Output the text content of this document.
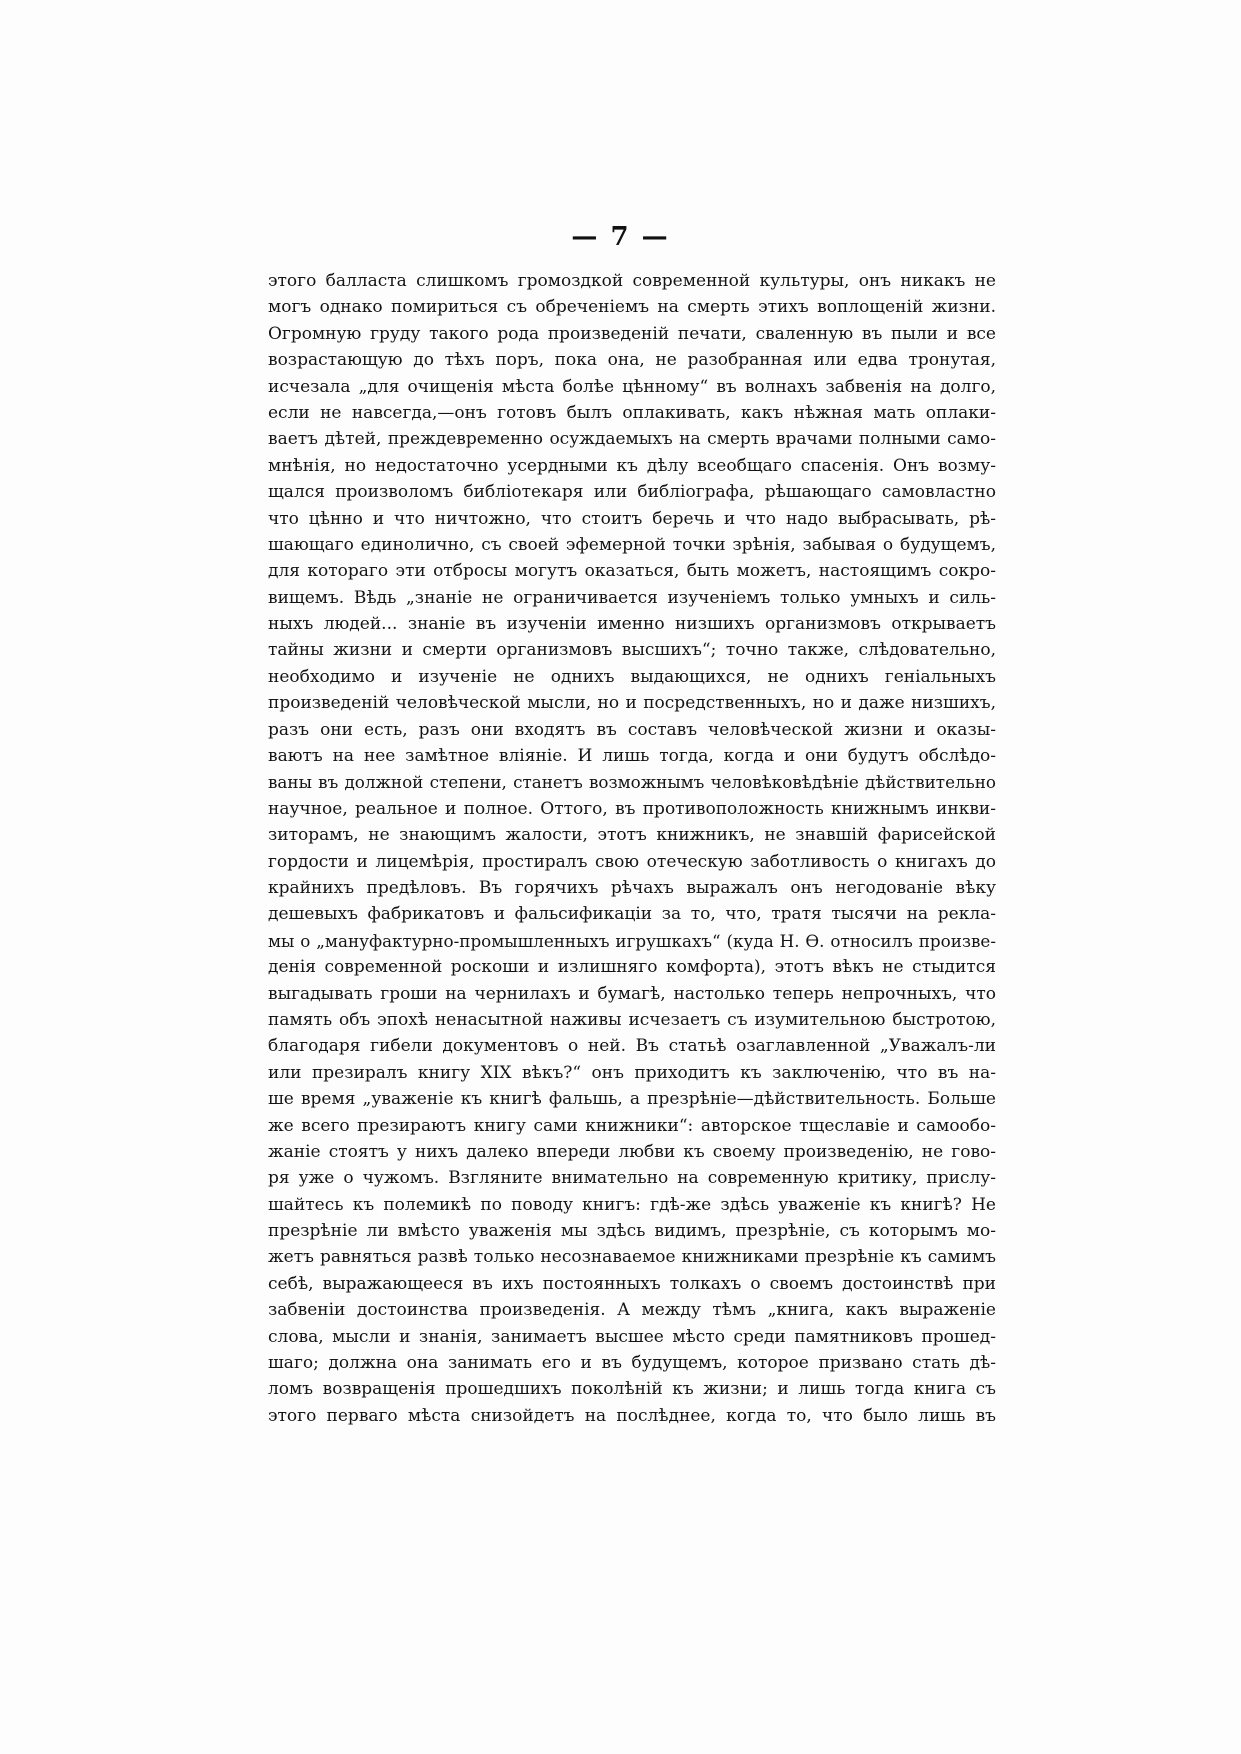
— 7 —
этого балласта слишкомъ громоздкой современной культуры, онъ никакъ не
могъ однако помириться съ обреченіемъ на смерть этихъ воплощеній жизни.
Огромную груду такого рода произведеній печати, сваленную въ пыли и все
возрастающую до тѣхъ поръ, пока она, не разобранная или едва тронутая,
исчезала „для очищенія мѣста болѣе цѣнному“ въ волнахъ забвенія на долго,
если не навсегда,—онъ готовъ былъ оплакивать, какъ нѣжная мать оплаки-
ваетъ дѣтей, преждевременно осуждаемыхъ на смерть врачами полными само-
мнѣнія, но недостаточно усердными къ дѣлу всеобщаго спасенія. Онъ возму-
щался произволомъ библіотекаря или библіографа, рѣшающаго самовластно
что цѣнно и что ничтожно, что стоитъ беречь и что надо выбрасывать, рѣ-
шающаго единолично, съ своей эфемерной точки зрѣнія, забывая о будущемъ,
для котораго эти отбросы могутъ оказаться, быть можетъ, настоящимъ сокро-
вищемъ. Вѣдь „знаніе не ограничивается изученіемъ только умныхъ и силь-
ныхъ людей... знаніе въ изученіи именно низшихъ организмовъ открываетъ
тайны жизни и смерти организмовъ высшихъ“; точно также, слѣдовательно,
необходимо и изученіе не однихъ выдающихся, не однихъ геніальныхъ
произведеній человѣческой мысли, но и посредственныхъ, но и даже низшихъ,
разъ они есть, разъ они входятъ въ составъ человѣческой жизни и оказы-
ваютъ на нее замѣтное вліяніе. И лишь тогда, когда и они будутъ обслѣдо-
ваны въ должной степени, станетъ возможнымъ человѣковѣдѣніе дѣйствительно
научное, реальное и полное. Оттого, въ противоположность книжнымъ инкви-
зиторамъ, не знающимъ жалости, этотъ книжникъ, не знавшій фарисейской
гордости и лицемѣрія, простиралъ свою отеческую заботливость о книгахъ до
крайнихъ предѣловъ. Въ горячихъ рѣчахъ выражалъ онъ негодованіе вѣку
дешевыхъ фабрикатовъ и фальсификаціи за то, что, тратя тысячи на рекла-
мы о „мануфактурно-промышленныхъ игрушкахъ“ (куда Н. Ѳ. относилъ произве-
денія современной роскоши и излишняго комфорта), этотъ вѣкъ не стыдится
выгадывать гроши на чернилахъ и бумагѣ, настолько теперь непрочныхъ, что
память объ эпохѣ ненасытной наживы исчезаетъ съ изумительною быстротою,
благодаря гибели документовъ о ней. Въ статьѣ озаглавленной „Уважалъ-ли
или презиралъ книгу XIX вѣкъ?“ онъ приходитъ къ заключенію, что въ на-
ше время „уваженіе къ книгѣ фальшь, а презрѣніе—дѣйствительность. Больше
же всего презираютъ книгу сами книжники“: авторское тщеславіе и самообо-
жаніе стоятъ у нихъ далеко впереди любви къ своему произведенію, не гово-
ря уже о чужомъ. Взгляните внимательно на современную критику, прислу-
шайтесь къ полемикѣ по поводу книгъ: гдѣ-же здѣсь уваженіе къ книгѣ? Не
презрѣніе ли вмѣсто уваженія мы здѣсь видимъ, презрѣніе, съ которымъ мо-
жетъ равняться развѣ только несознаваемое книжниками презрѣніе къ самимъ
себѣ, выражающееся въ ихъ постоянныхъ толкахъ о своемъ достоинствѣ при
забвеніи достоинства произведенія. А между тѣмъ „книга, какъ выраженіе
слова, мысли и знанія, занимаетъ высшее мѣсто среди памятниковъ прошед-
шаго; должна она занимать его и въ будущемъ, которое призвано стать дѣ-
ломъ возвращенія прошедшихъ поколѣній къ жизни; и лишь тогда книга съ
этого перваго мѣста снизойдетъ на послѣднее, когда то, что было лишь въ
